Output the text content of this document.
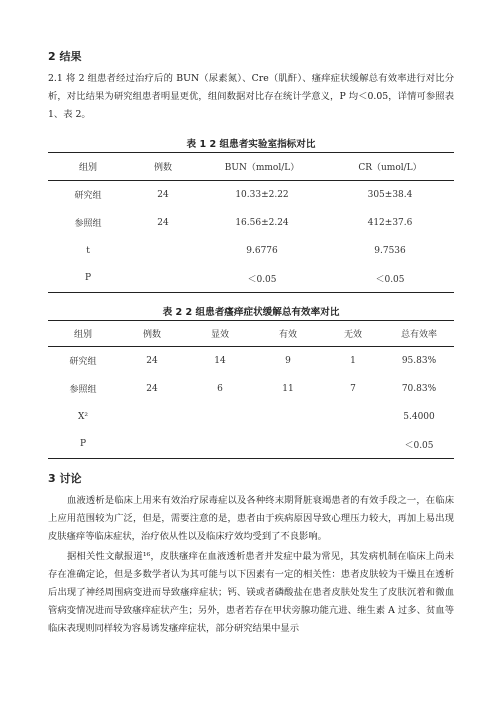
2 结果
2.1 将 2 组患者经过治疗后的 BUN（尿素氮）、Cre（肌酐）、瘙痒症状缓解总有效率进行对比分析，对比结果为研究组患者明显更优，组间数据对比存在统计学意义，P 均＜0.05，详情可参照表 1、表 2。
表 1 2 组患者实验室指标对比
组别	例数	BUN（mmol/L）	CR（umol/L）
研究组	24	10.33±2.22	305±38.4
参照组	24	16.56±2.24	412±37.6
t		9.6776	9.7536
P		＜0.05	＜0.05
表 2 2 组患者瘙痒症状缓解总有效率对比
组别	例数	显效	有效	无效	总有效率
研究组	24	14	9	1	95.83%
参照组	24	6	11	7	70.83%
X²					5.4000
P					＜0.05
3 讨论
血液透析是临床上用来有效治疗尿毒症以及各种终末期肾脏衰竭患者的有效手段之一，在临床上应用范围较为广泛，但是，需要注意的是，患者由于疾病原因导致心理压力较大，再加上易出现皮肤瘙痒等临床症状，治疗依从性以及临床疗效均受到了不良影响。
据相关性文献报道¹⁶，皮肤瘙痒在血液透析患者并发症中最为常见，其发病机制在临床上尚未存在准确定论，但是多数学者认为其可能与以下因素有一定的相关性：患者皮肤较为干燥且在透析后出现了神经周围病变进而导致瘙痒症状；钙、镁或者磷酸盐在患者皮肤处发生了皮肤沉着和微血管病变情况进而导致瘙痒症状产生；另外，患者若存在甲状旁腺功能亢进、维生素 A 过多、贫血等临床表现则同样较为容易诱发瘙痒症状，部分研究结果中显示
